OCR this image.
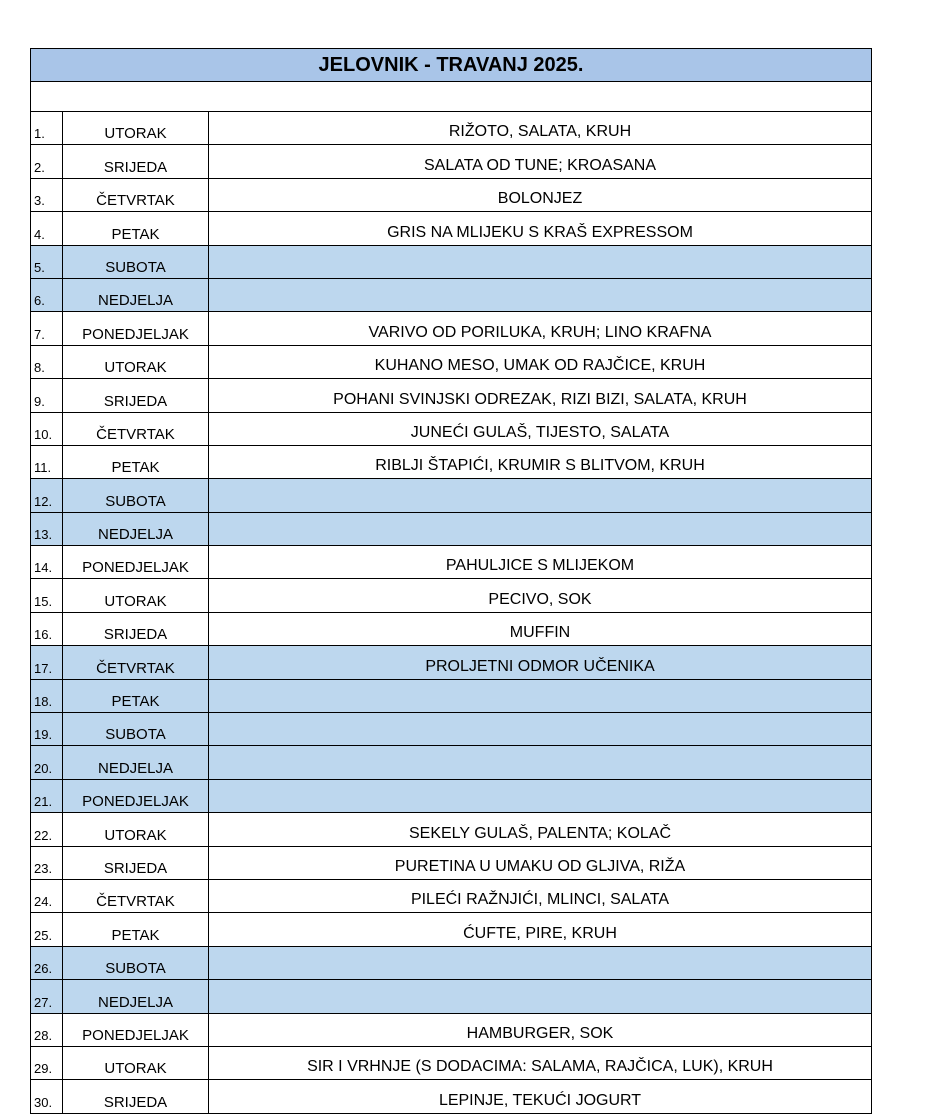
JELOVNIK - TRAVANJ 2025.		

1.	UTORAK	RIŽOTO, SALATA, KRUH
2.	SRIJEDA	SALATA OD TUNE; KROASANA
3.	ČETVRTAK	BOLONJEZ
4.	PETAK	GRIS NA MLIJEKU S KRAŠ EXPRESSOM
5.	SUBOTA	
6.	NEDJELJA	
7.	PONEDJELJAK	VARIVO OD PORILUKA, KRUH; LINO KRAFNA
8.	UTORAK	KUHANO MESO, UMAK OD RAJČICE, KRUH
9.	SRIJEDA	POHANI SVINJSKI ODREZAK, RIZI BIZI, SALATA, KRUH
10.	ČETVRTAK	JUNEĆI GULAŠ, TIJESTO, SALATA
11.	PETAK	RIBLJI ŠTAPIĆI, KRUMIR S BLITVOM, KRUH
12.	SUBOTA	
13.	NEDJELJA	
14.	PONEDJELJAK	PAHULJICE S MLIJEKOM
15.	UTORAK	PECIVO, SOK
16.	SRIJEDA	MUFFIN
17.	ČETVRTAK	PROLJETNI ODMOR UČENIKA
18.	PETAK	
19.	SUBOTA	
20.	NEDJELJA	
21.	PONEDJELJAK	
22.	UTORAK	SEKELY GULAŠ, PALENTA; KOLAČ
23.	SRIJEDA	PURETINA U UMAKU OD GLJIVA, RIŽA
24.	ČETVRTAK	PILEĆI RAŽNJIĆI, MLINCI, SALATA
25.	PETAK	ĆUFTE, PIRE, KRUH
26.	SUBOTA	
27.	NEDJELJA	
28.	PONEDJELJAK	HAMBURGER, SOK
29.	UTORAK	SIR I VRHNJE (S DODACIMA: SALAMA, RAJČICA, LUK), KRUH
30.	SRIJEDA	LEPINJE, TEKUĆI JOGURT
